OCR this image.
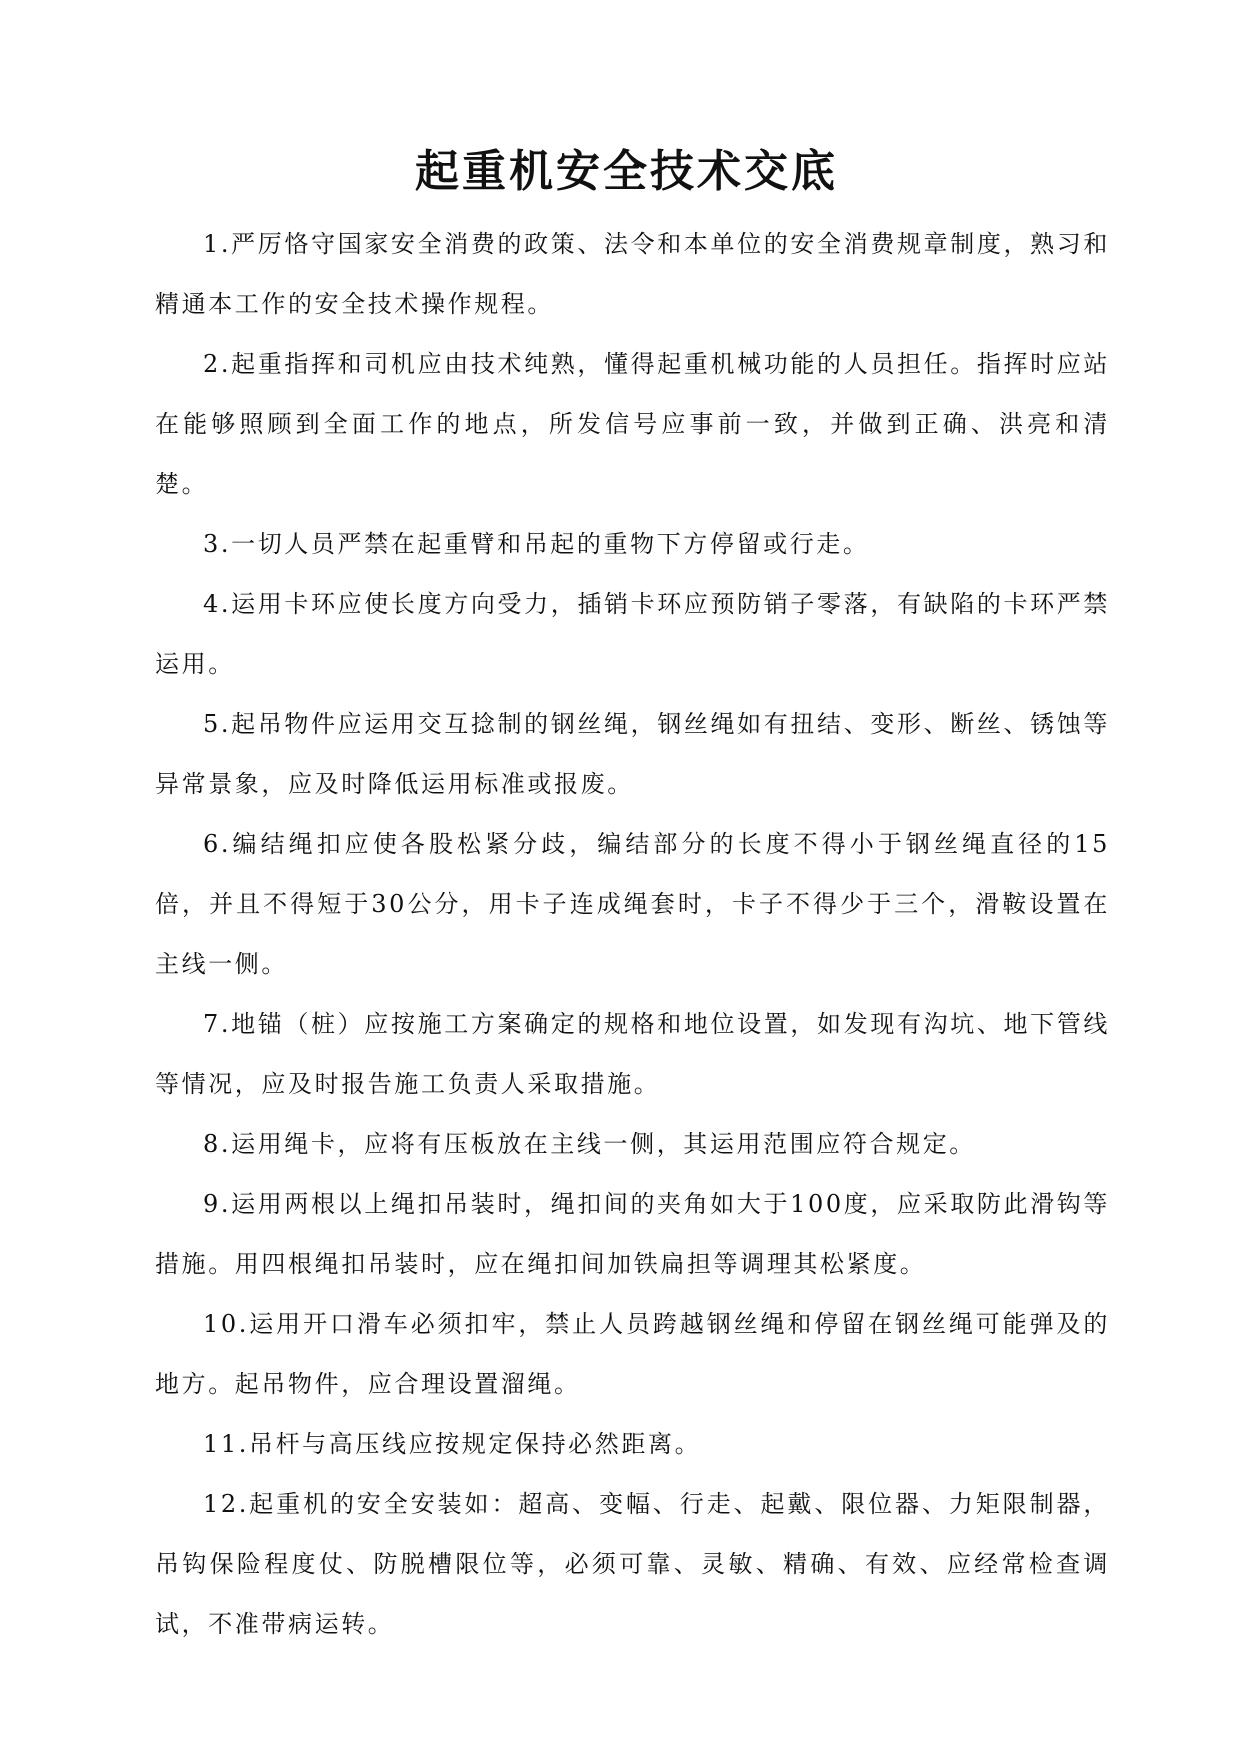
起重机安全技术交底
1.严厉恪守国家安全消费的政策、法令和本单位的安全消费规章制度，熟习和精通本工作的安全技术操作规程。
2.起重指挥和司机应由技术纯熟，懂得起重机械功能的人员担任。指挥时应站在能够照顾到全面工作的地点，所发信号应事前一致，并做到正确、洪亮和清楚。
3.一切人员严禁在起重臂和吊起的重物下方停留或行走。
4.运用卡环应使长度方向受力，插销卡环应预防销子零落，有缺陷的卡环严禁运用。
5.起吊物件应运用交互捻制的钢丝绳，钢丝绳如有扭结、变形、断丝、锈蚀等异常景象，应及时降低运用标准或报废。
6.编结绳扣应使各股松紧分歧，编结部分的长度不得小于钢丝绳直径的15倍，并且不得短于30公分，用卡子连成绳套时，卡子不得少于三个，滑鞍设置在主线一侧。
7.地锚（桩）应按施工方案确定的规格和地位设置，如发现有沟坑、地下管线等情况，应及时报告施工负责人采取措施。
8.运用绳卡，应将有压板放在主线一侧，其运用范围应符合规定。
9.运用两根以上绳扣吊装时，绳扣间的夹角如大于100度，应采取防此滑钩等措施。用四根绳扣吊装时，应在绳扣间加铁扁担等调理其松紧度。
10.运用开口滑车必须扣牢，禁止人员跨越钢丝绳和停留在钢丝绳可能弹及的地方。起吊物件，应合理设置溜绳。
11.吊杆与高压线应按规定保持必然距离。
12.起重机的安全安装如：超高、变幅、行走、起戴、限位器、力矩限制器，吊钩保险程度仗、防脱槽限位等，必须可靠、灵敏、精确、有效、应经常检查调试，不准带病运转。
